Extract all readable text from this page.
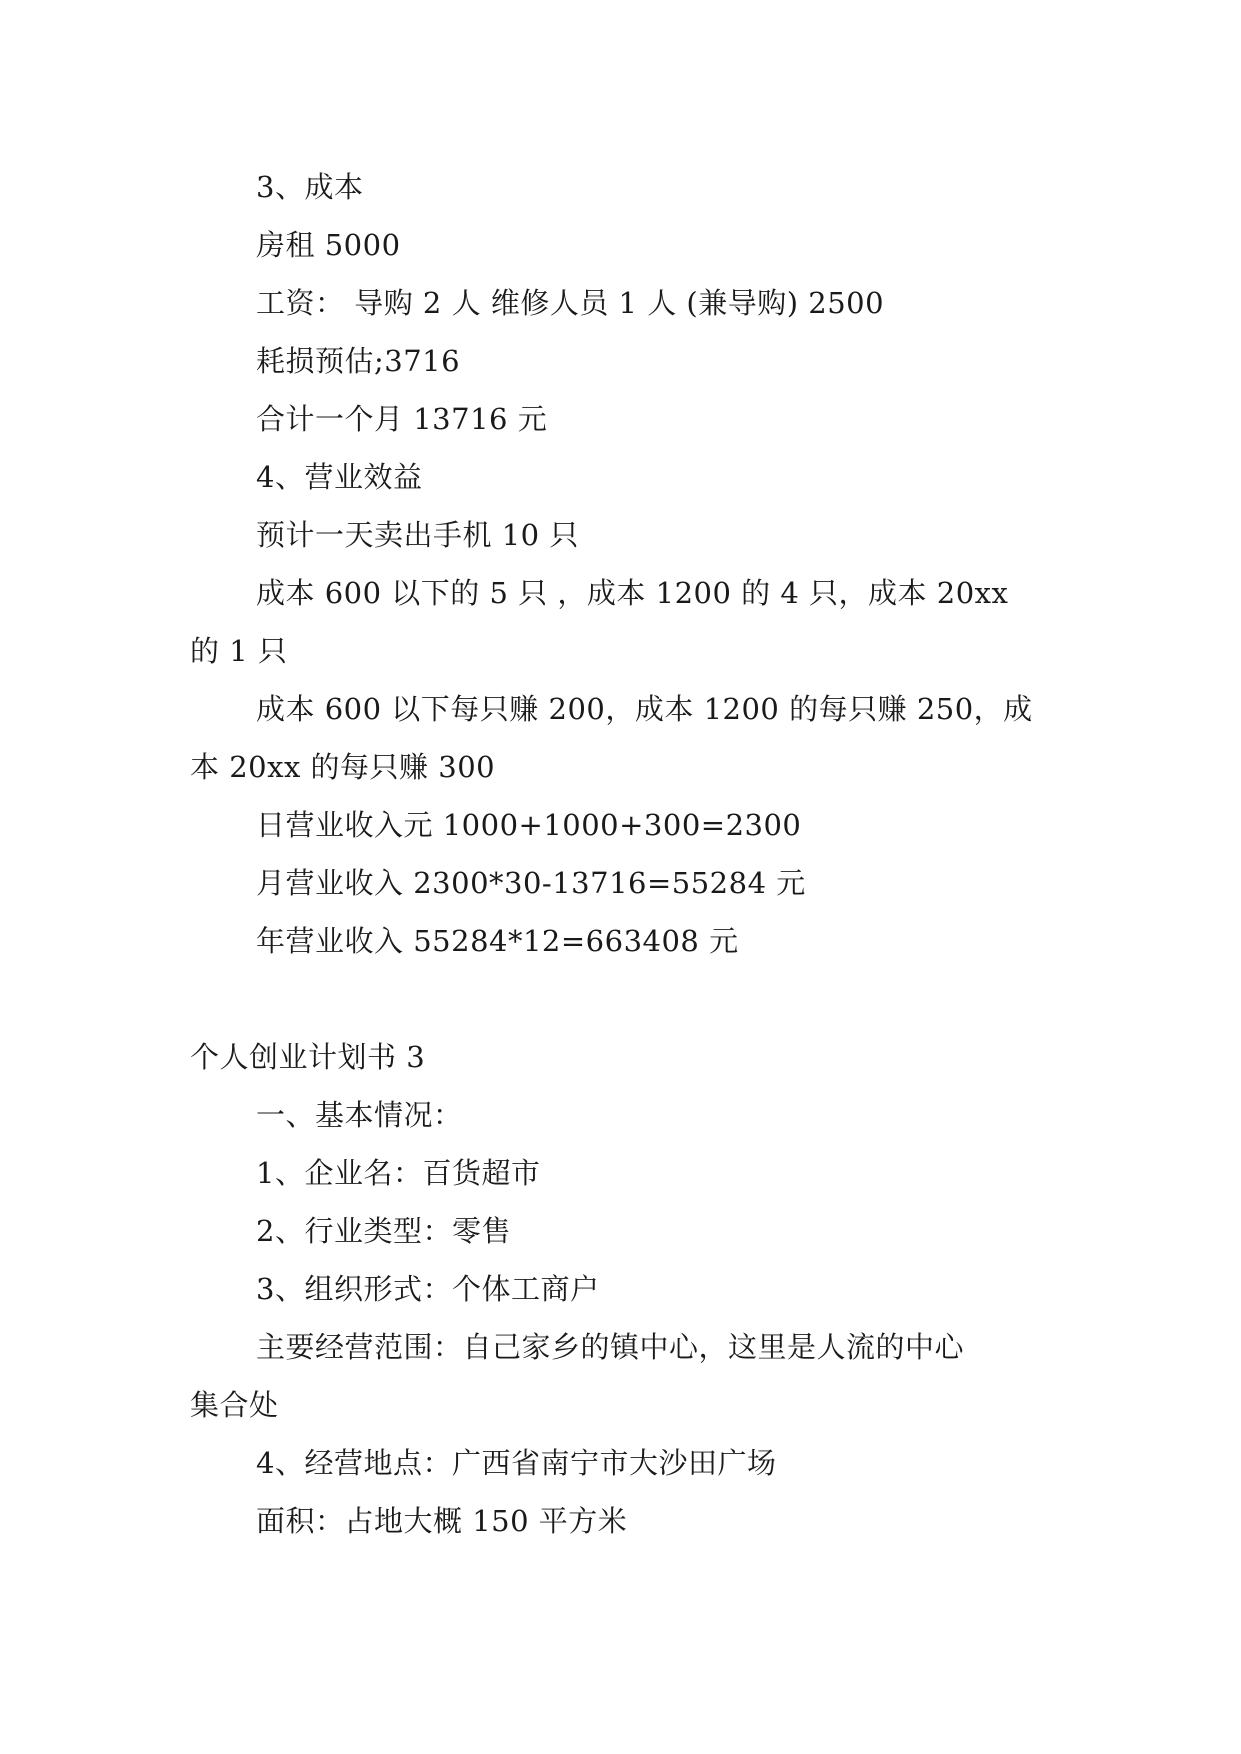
3、成本
房租 5000
工资： 导购 2 人 维修人员 1 人 (兼导购) 2500
耗损预估;3716
合计一个月 13716 元
4、营业效益
预计一天卖出手机 10 只
成本 600 以下的 5 只 ，成本 1200 的 4 只，成本 20xx
的 1 只
成本 600 以下每只赚 200，成本 1200 的每只赚 250，成
本 20xx 的每只赚 300
日营业收入元 1000+1000+300=2300
月营业收入 2300*30-13716=55284 元
年营业收入 55284*12=663408 元
个人创业计划书 3
一、基本情况：
1、企业名：百货超市
2、行业类型：零售
3、组织形式：个体工商户
主要经营范围：自己家乡的镇中心，这里是人流的中心
集合处
4、经营地点：广西省南宁市大沙田广场
面积：占地大概 150 平方米
